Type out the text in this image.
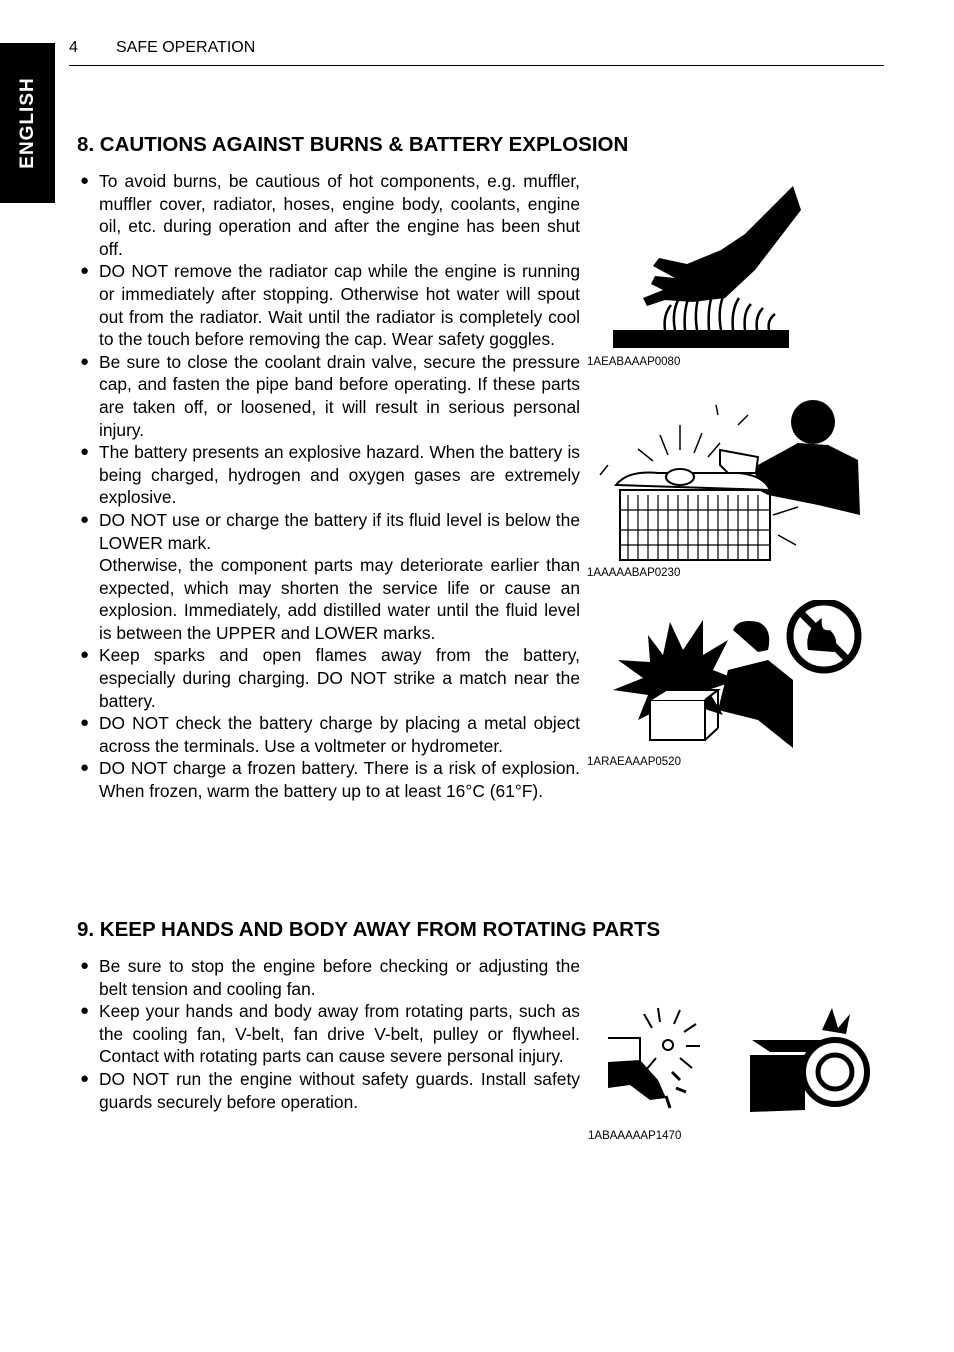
ENGLISH
4 SAFE OPERATION
8. CAUTIONS AGAINST BURNS & BATTERY EXPLOSION
● To avoid burns, be cautious of hot components, e.g. muffler, muffler cover, radiator, hoses, engine body, coolants, engine oil, etc. during operation and after the engine has been shut off.
● DO NOT remove the radiator cap while the engine is running or immediately after stopping. Otherwise hot water will spout out from the radiator. Wait until the radiator is completely cool to the touch before removing the cap. Wear safety goggles.
● Be sure to close the coolant drain valve, secure the pressure cap, and fasten the pipe band before operating. If these parts are taken off, or loosened, it will result in serious personal injury.
● The battery presents an explosive hazard. When the battery is being charged, hydrogen and oxygen gases are extremely explosive.
● DO NOT use or charge the battery if its fluid level is below the LOWER mark.
Otherwise, the component parts may deteriorate earlier than expected, which may shorten the service life or cause an explosion. Immediately, add distilled water until the fluid level is between the UPPER and LOWER marks.
● Keep sparks and open flames away from the battery, especially during charging. DO NOT strike a match near the battery.
● DO NOT check the battery charge by placing a metal object across the terminals. Use a voltmeter or hydrometer.
● DO NOT charge a frozen battery. There is a risk of explosion. When frozen, warm the battery up to at least 16°C (61°F).
1AEABAAAP0080
1AAAAABAP0230
1ARAEAAAP0520
9. KEEP HANDS AND BODY AWAY FROM ROTATING PARTS
● Be sure to stop the engine before checking or adjusting the belt tension and cooling fan.
● Keep your hands and body away from rotating parts, such as the cooling fan, V-belt, fan drive V-belt, pulley or flywheel. Contact with rotating parts can cause severe personal injury.
● DO NOT run the engine without safety guards. Install safety guards securely before operation.
1ABAAAAAP1470
